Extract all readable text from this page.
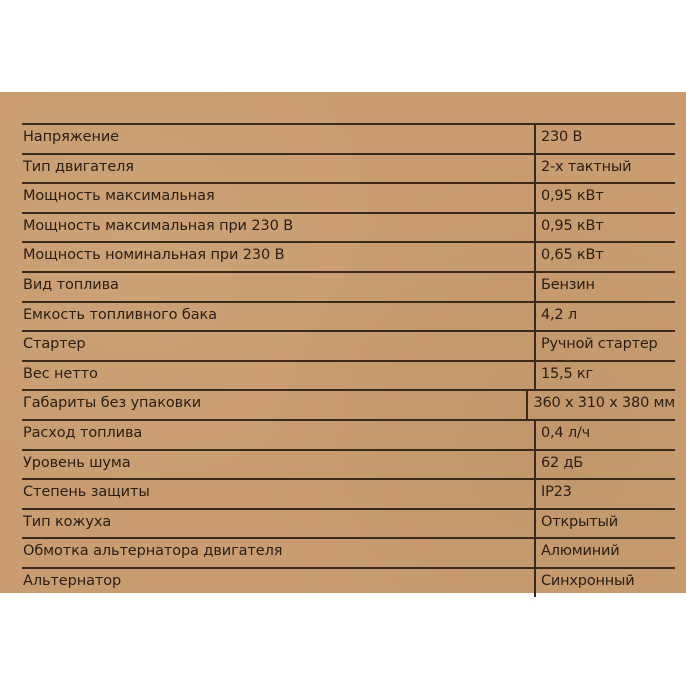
Напряжение	230 В
Тип двигателя	2-х тактный
Мощность максимальная	0,95 кВт
Мощность максимальная при 230 В	0,95 кВт
Мощность номинальная при 230 В	0,65 кВт
Вид топлива	Бензин
Емкость топливного бака	4,2 л
Стартер	Ручной стартер
Вес нетто	15,5 кг
Габариты без упаковки	360 х 310 х 380 мм
Расход топлива	0,4 л/ч
Уровень шума	62 дБ
Степень защиты	IP23
Тип кожуха	Открытый
Обмотка альтернатора двигателя	Алюминий
Альтернатор	Синхронный
